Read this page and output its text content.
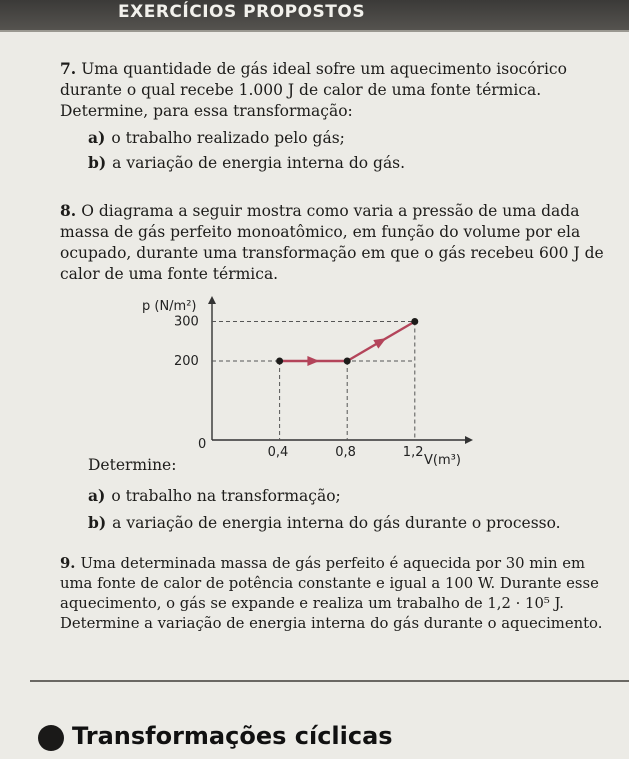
EXERCÍCIOS PROPOSTOS
7. Uma quantidade de gás ideal sofre um aquecimento isocórico durante o qual recebe 1.000 J de calor de uma fonte térmica. Determine, para essa transformação:
a) o trabalho realizado pelo gás;
b) a variação de energia interna do gás.
8. O diagrama a seguir mostra como varia a pressão de uma dada massa de gás perfeito monoatômico, em função do volume por ela ocupado, durante uma transformação em que o gás recebeu 600 J de calor de uma fonte térmica.
300
200
0,4	0,8	1,2
p (N/m²)
V(m³)
0
Determine:
a) o trabalho na transformação;
b) a variação de energia interna do gás durante o processo.
9. Uma determinada massa de gás perfeito é aquecida por 30 min em uma fonte de calor de potência constante e igual a 100 W. Durante esse aquecimento, o gás se expande e realiza um trabalho de 1,2 · 10⁵ J. Determine a variação de energia interna do gás durante o aquecimento.
Transformações cíclicas
